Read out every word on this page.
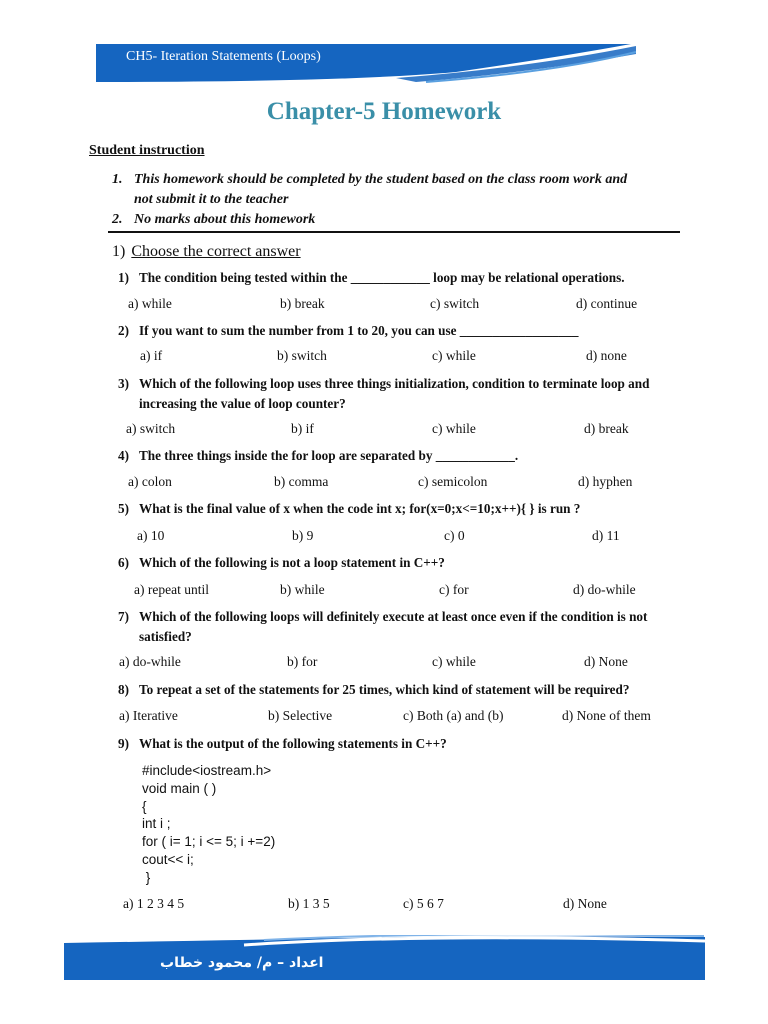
CH5- Iteration Statements (Loops)
Chapter-5 Homework
Student instruction
1. This homework should be completed by the student based on the class room work and
not submit it to the teacher
2. No marks about this homework
1) Choose the correct answer
1) The condition being tested within the ____________ loop may be relational operations.
a) while	b) break	c) switch	d) continue
2) If you want to sum the number from 1 to 20, you can use __________________
a) if	b) switch	c) while	d) none
3) Which of the following loop uses three things initialization, condition to terminate loop and increasing the value of loop counter?
a) switch	b) if	c) while	d) break
4) The three things inside the for loop are separated by ____________.
a) colon	b) comma	c) semicolon	d) hyphen
5) What is the final value of x when the code int x; for(x=0;x<=10;x++){ } is run ?
a) 10	b) 9	c) 0	d) 11
6) Which of the following is not a loop statement in C++?
a) repeat until	b) while	c) for	d) do-while
7) Which of the following loops will definitely execute at least once even if the condition is not satisfied?
a) do-while	b) for	c) while	d) None
8) To repeat a set of the statements for 25 times, which kind of statement will be required?
a) Iterative	b) Selective	c) Both (a) and (b)	d) None of them
9) What is the output of the following statements in C++?
#include<iostream.h>
void main ( )
{
int i ;
for ( i= 1; i <= 5; i +=2)
cout<< i;
}
a) 1 2 3 4 5	b) 1 3 5	c) 5 6 7	d) None
اعداد – م/ محمود خطاب
